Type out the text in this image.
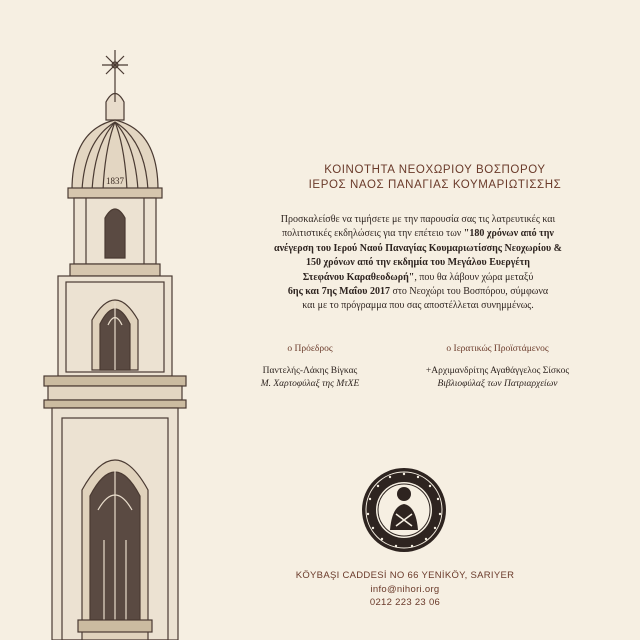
1837
ΚΟΙΝΟΤΗΤΑ ΝΕΟΧΩΡΙΟΥ ΒΟΣΠΟΡΟΥ
ΙΕΡΟΣ ΝΑΟΣ ΠΑΝΑΓΙΑΣ ΚΟΥΜΑΡΙΩΤΙΣΣΗΣ
Προσκαλείσθε να τιμήσετε με την παρουσία σας τις λατρευτικές και
πολιτιστικές εκδηλώσεις για την επέτειο των "180 χρόνων από την
ανέγερση του Ιερού Ναού Παναγίας Κουμαριωτίσσης Νεοχωρίου &
150 χρόνων από την εκδημία του Μεγάλου Ευεργέτη
Στεφάνου Καραθεοδωρή", που θα λάβουν χώρα μεταξύ
6ης και 7ης Μαΐου 2017 στο Νεοχώρι του Βοσπόρου, σύμφωνα
και με το πρόγραμμα που σας αποστέλλεται συνημμένως.
ο Πρόεδρος
Παντελής-Λάκης Βίγκας
Μ. Χαρτοφύλαξ της ΜτΧΕ
ο Ιερατικώς Προϊστάμενος
+Αρχιμανδρίτης Αγαθάγγελος Σίσκος
Βιβλιοφύλαξ των Πατριαρχείων
KÖYBAŞI CADDESİ NO 66 YENİKÖY, SARIYER
info@nihori.org
0212 223 23 06
